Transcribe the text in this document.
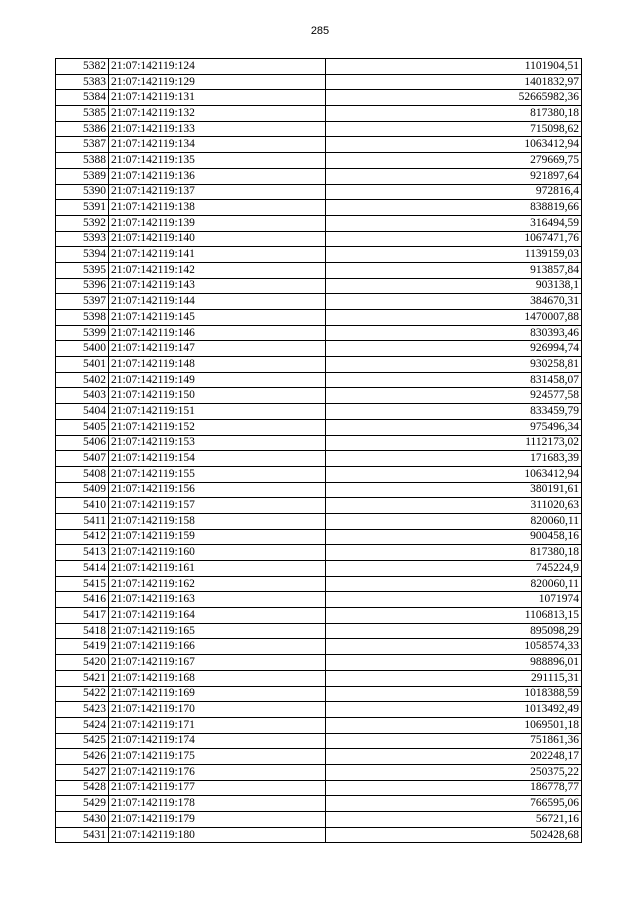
285
5382	21:07:142119:124	1101904,51
5383	21:07:142119:129	1401832,97
5384	21:07:142119:131	52665982,36
5385	21:07:142119:132	817380,18
5386	21:07:142119:133	715098,62
5387	21:07:142119:134	1063412,94
5388	21:07:142119:135	279669,75
5389	21:07:142119:136	921897,64
5390	21:07:142119:137	972816,4
5391	21:07:142119:138	838819,66
5392	21:07:142119:139	316494,59
5393	21:07:142119:140	1067471,76
5394	21:07:142119:141	1139159,03
5395	21:07:142119:142	913857,84
5396	21:07:142119:143	903138,1
5397	21:07:142119:144	384670,31
5398	21:07:142119:145	1470007,88
5399	21:07:142119:146	830393,46
5400	21:07:142119:147	926994,74
5401	21:07:142119:148	930258,81
5402	21:07:142119:149	831458,07
5403	21:07:142119:150	924577,58
5404	21:07:142119:151	833459,79
5405	21:07:142119:152	975496,34
5406	21:07:142119:153	1112173,02
5407	21:07:142119:154	171683,39
5408	21:07:142119:155	1063412,94
5409	21:07:142119:156	380191,61
5410	21:07:142119:157	311020,63
5411	21:07:142119:158	820060,11
5412	21:07:142119:159	900458,16
5413	21:07:142119:160	817380,18
5414	21:07:142119:161	745224,9
5415	21:07:142119:162	820060,11
5416	21:07:142119:163	1071974
5417	21:07:142119:164	1106813,15
5418	21:07:142119:165	895098,29
5419	21:07:142119:166	1058574,33
5420	21:07:142119:167	988896,01
5421	21:07:142119:168	291115,31
5422	21:07:142119:169	1018388,59
5423	21:07:142119:170	1013492,49
5424	21:07:142119:171	1069501,18
5425	21:07:142119:174	751861,36
5426	21:07:142119:175	202248,17
5427	21:07:142119:176	250375,22
5428	21:07:142119:177	186778,77
5429	21:07:142119:178	766595,06
5430	21:07:142119:179	56721,16
5431	21:07:142119:180	502428,68
